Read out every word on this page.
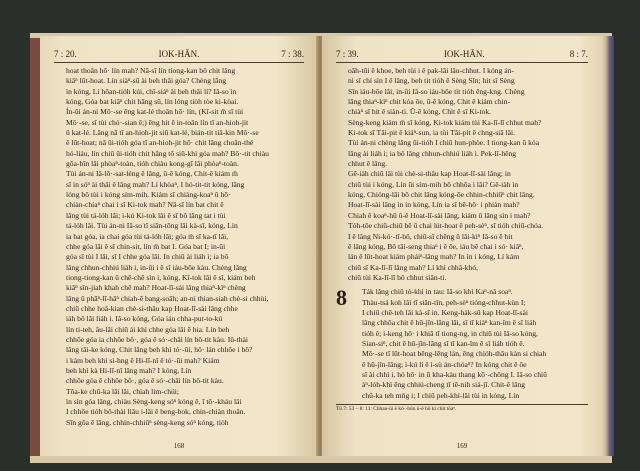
7 : 20.	IOK-HĀN.	7 : 38.
hoat thoân hō· lín mah? Nā-sī lín tiong-kan bô chit lâng
kiâⁿ lūt-hoat. Lín siàⁿ-sū ài beh thâi góa? Chèng lâng
ìn kóng, Lí hōan-tióh kúi, chī-siáⁿ ài beh thâi lí? Iâ-so͘ ìn
kóng, Góa bat kiâⁿ chit hāng sū, lín lóng tiòh tòe ki-kòai.
Ín-ūi án-ni Mô·-se ēng kat-lé thoân hō· lín, (Kî-sit m̄ sī tùi
Mô·-se, sī tùi chó·-sian ê;) ēng hit ê in-toân lín tī an-hioh-jit
ū kat-lé. Lâng nā tī an-hioh-jit siū kat-lé, bián-tit tiā-kin Mô·-se
ê lūt-hoat; nā ūi-tióh góa tī an-hioh-jit hō· chit lâng choân-thé
hó-liáu, lín chiū ūi-tióh chit hāng tō siū-khì góa mah? Bô·-tit chiàu
gōa-bīn lâi phòaⁿ-toàn, tióh chiàu kong-gī lâi phòaⁿ-toàn.
Tùi án-ni Iâ-lō·-sat-léng ê lâng, ū-ê kóng, Chit-ê kiám m̄
sī in sóⁿ ài thâi ê lâng mah? Lí khòaⁿ, I hó-tit-tit kóng, lâng
lóng bô tùi i kóng sím-mih. Kiám sī chiàng-koaⁿ ū hō·
chiàn-chiaⁿ chai i sī Ki-tok mah? Nā-sī lín bat chit ê
lâng tùi tá-lóh lâi; ì-kú Ki-tok lâi ê sî bô lâng tat i tùi
tá-lóh lâi. Tùi án-ni Iâ-so͘ tī siān-tōng lâi kà-sī, kóng, Lín
ia bat góa, ia chai góa tùi tá-lóh lâi; góa m̄ sī ka-tī lâi,
chhe góa lâi ê sī chin-sit, lín m̄ bat I. Góa bat I; in-ūi
góa sī tùi I lâi, sī I chhe góa lâi. In chiū ài liáh i; ia bô
lâng chhun-chhiú liáh i, in-ūi i ê sî iáu-bōe kàu. Chèng lâng
tiong-tiong-kan ū chē-chē sìn i, kóng, Kî-tok lâi ê sî, kiám beh
kiâⁿ sîn-jiah khah chē mah? Hoat-lī-sài lâng thiaⁿ-kìⁿ chèng
lâng ū phāⁿ-lī-hāⁿ chiah-ē bang-soāh; an-ni thian-siah chè-si chhùi,
chiū chhe hoâ-kian chè-si-thâu kap Hoat-lī-sài lâng chhe
iáh bô lâi liáh i. Iâ-so͘ kóng, Góa iáu chha-put-to-kú
lín ti-teh, āu-lâi chiū ái khì chhe góa lâi ê hia. Lín beh
chhōe góa ia chhōe bô·, góa ê só·-chāi lín bô-tit kàu. Iû-thài
lâng tāi-ke kóng, Chit lâng beh khì tó·-ūi, hō· lán chhōe i bô?
i kám beh khì sì-hng ê Hi-lī-nî ê tó·-ūi mah? Kiám
beh khì kà Hi-lī-nî lâng mah? I kóng, Lín
chhōe góa ē chhōe bô·, góa ê só·-chāi lín bô-tit kàu.
Tōa-ke chū-ka lâi lâi, chiah lim-chúi;
ìn sìn góa lâng, chiàu Sèng-keng sóⁿ kóng ê, ī tō·-kháu lâi
I chhōe tióh bô-thài liāu i-lāi ê beng-bok, chín-chiàn thoân.
Sîn gōa ê lâng, chhin-chhiūⁿ sèng-keng sóⁿ kóng, tiòh
168
7 : 39.	IOK-HĀN.	8 : 7.
oāh-tūi ê khoe, beh tùi i ê pak-lāi lâu-chhut. I kóng án-
ni sī chí sìn I ê lâng, beh tit tióh ê Sèng Sîn; hit sî Sèng
Sîn iáu-bōe lâi, in-ūi Iâ-so͘ iáu-bōe tit tióh êng-kng. Chèng
lâng thiaⁿ-kìⁿ chit kóa ōe, ū-ê kóng, Chit ê kiám chin-
chiàⁿ sī hit ê siàn-ti. Ū-ê kóng, Chit ê sī Ki-tok.
Sèng-keng kiám m̄ sī kóng, Ki-tok kiám tùi Ka-lī-lī chhut mah?
Ki-tok sī Tāi-pit ê kiáⁿ-sun, ia tùi Tāi-pit ê chng-siā lâi.
Tùi án-ni chèng lâng ūi-tióh I chiū hun-phòe. I tiong-kan ū kóa
lâng ài liáh i; ia bô lâng chhun-chhiú liáh i. Pek-lī-hēng
chhut ê lâng.
Gē-iàh chiū lâi tùi chè-si-thâu kap Hoat-lī-sài lâng; in
chiū tùi i kóng, Lín ūi sím-mih bô chhōa i lâi? Gē-iàh ìn
kóng, Chióng-lâi bô chit lâng kóng-ōe chhin-chhiūⁿ chit lâng.
Hoat-lī-sài lâng ìn in kóng, Lín ia sī bē-hō· i phiàn mah?
Chiah ê koaⁿ-hū ū-ê Hoat-lī-sài lâng, kiám ū lâng sìn i mah?
Tóh-tôe chiū-chiū bē ū chai lút-hoat ê peh-sèⁿ, sī tióh chiū-chóa.
I ê lâng Ni-kó·-tī-bô, chiū-sī chêng ū lâi-kiⁿ Iâ-so͘ ê hit
ê lâng kóng, Bô tāi-seng thiaⁿ i ê ōe, iáu bē chai i só· kiâⁿ,
lán ê lūt-hoat kiám pháiⁿ-lâng mah? In ìn i kóng, Lí kám
chiū sī Ka-lī-lī lâng mah? Lí khì chhâ-khó,
chiū tùi Ka-lī-lī bô chhut siān-ti.
8	Ták lâng chiū tò-khì in tau: Iâ-so͘ khì Kaⁿ-nâ soaⁿ.
Thàu-tsá koh lâi tī siān-tīn, peh-sèⁿ tióng-chhut-kùn I;
I chiū chē-teh lâi kà-sī in. Keng-hák-sū kap Hoat-lī-sài
lâng chhōa chit ê hū-jîn-lâng lâi, sī tī kiàⁿ kan-îm ê sî liáh
tióh ê; i-keng hō· i khiā tī tiong-ng, in chiū tùi Iâ-so͘ kóng,
Sian-siⁿ, chit ê hū-jîn-lâng sī tī kan-îm ê sî liáh tióh ê.
Mô·-se tī lūt-hoat bēng-lēng lán, ēng chióh-thâu kàn si chiah
ê hū-jîn-lâng; ì-kú lí ê ì-sù án-chóaⁿ? In kóng chit ê ōe
sī ài chhì i, hó hō· in ū kha-kàu thang kō·-chōng I. Iâ-so͘ chiū
àⁿ-lóh-khì ēng chhiú-cheng tī tē-nih siá-jī. Chit-ê lâng
chū-ka teh mn̄g i; I chiū peh-khí-lâi tùi in kóng, Lín
Tú 7: 53 – 8: 11: Chhau-ūi ê kó·-bún ū-ê bô kì chit tōaⁿ.
169
